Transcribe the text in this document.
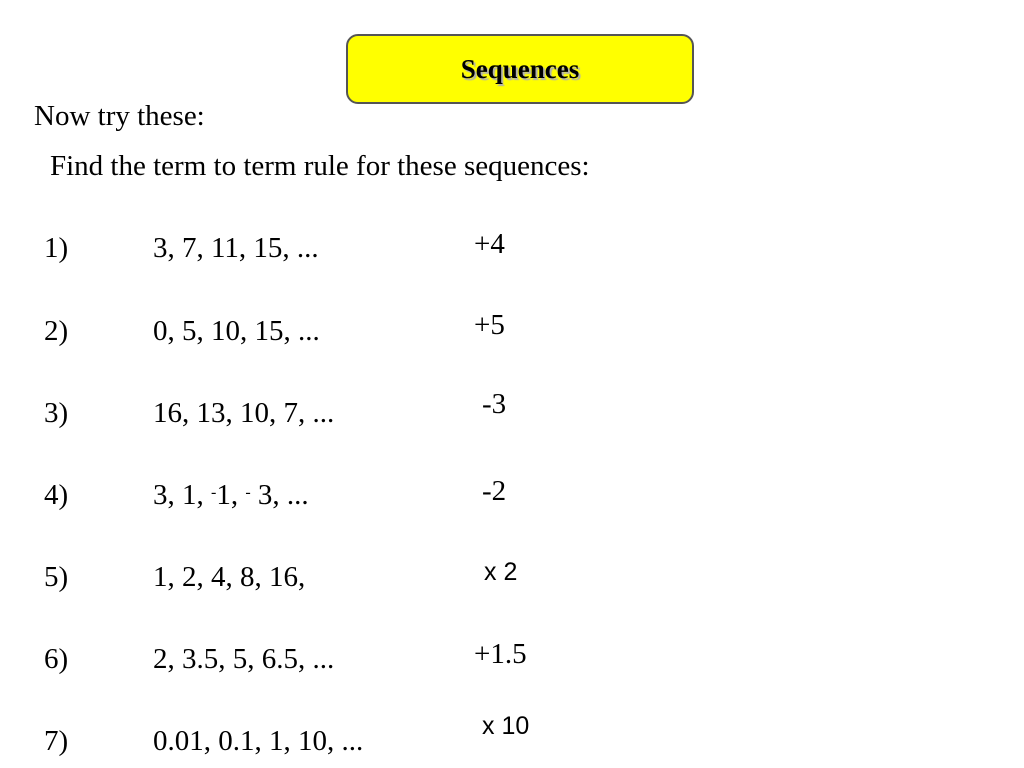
Sequences
Now try these:
Find the term to term rule for these sequences:
1)	3, 7, 11, 15, ...	+4
2)	0, 5, 10, 15, ...	+5
3)	16, 13, 10, 7, ...	-3
4)	3, 1, -1, - 3, ...	-2
5)	1, 2, 4, 8, 16,	x 2
6)	2, 3.5, 5, 6.5, ...	+1.5
7)	0.01, 0.1, 1, 10, ...	x 10
